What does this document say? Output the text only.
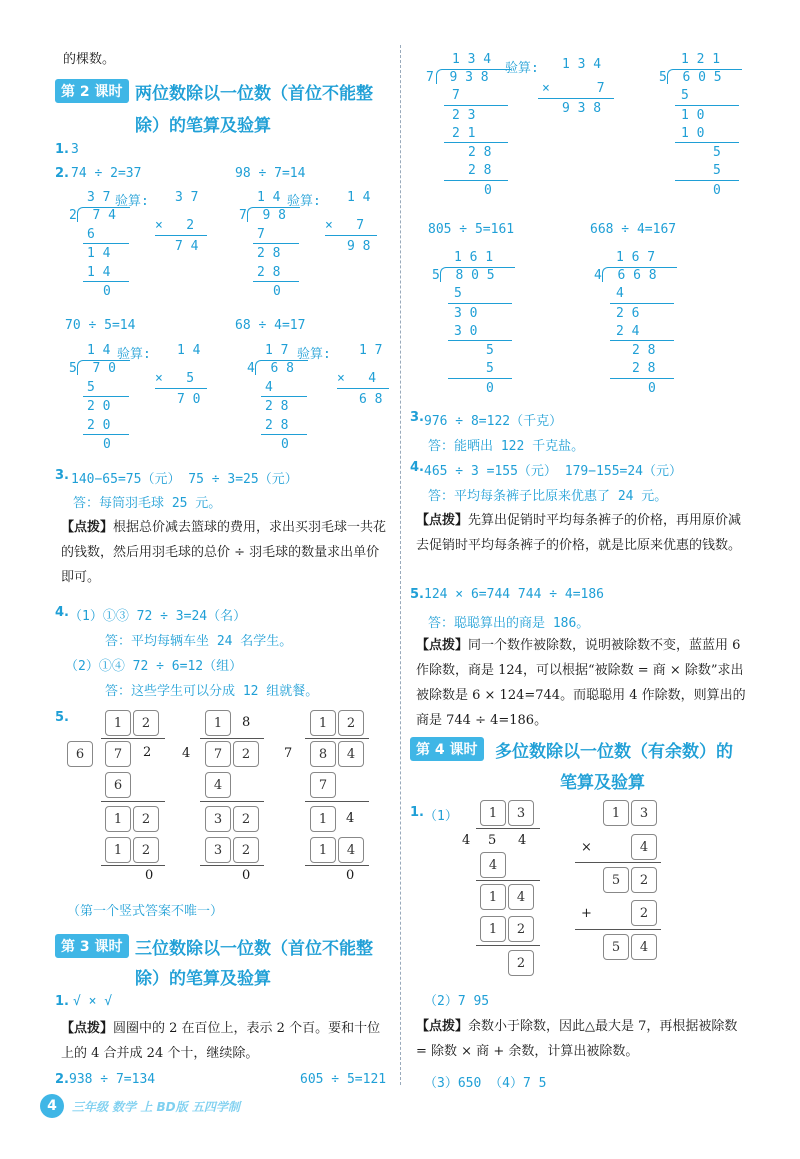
的棵数。
第 2 课时 两位数除以一位数（首位不能整
除）的笔算及验算
1. 3
2. 74 ÷ 2=37	98 ÷ 7=14
3 7
2  7 4
6
1 4
1 4
0
验算: 3 7
×   2
7 4
1 4
7  9 8
7
2 8
2 8
0
验算: 1 4
×   7
9 8
70 ÷ 5=14	68 ÷ 4=17
1 4
5  7 0
5
2 0
2 0
0
验算: 1 4
×   5
7 0
1 7
4  6 8
4
2 8
2 8
0
验算: 1 7
×   4
6 8
3. 140−65=75（元） 75 ÷ 3=25（元）
答：每筒羽毛球 25 元。
【点拨】根据总价减去篮球的费用，求出买羽毛球一共花的钱数，然后用羽毛球的总价 ÷ 羽毛球的数量求出单价即可。
4. （1）①③ 72 ÷ 3=24（名）
答：平均每辆车坐 24 名学生。
（2）①④ 72 ÷ 6=12（组）
答：这些学生可以分成 12 组就餐。
5.	1	2
6	7	2
6
1	2
1	2
0
1	8
4	7	2
4
3	2
3	2
0
1	2
7	8	4
7
1	4
1	4
0
（第一个竖式答案不唯一）
第 3 课时 三位数除以一位数（首位不能整
除）的笔算及验算
1. √ × √
【点拨】圆圈中的 2 在百位上，表示 2 个百。要和十位上的 4 合并成 24 个十，继续除。
2. 938 ÷ 7=134	605 ÷ 5=121
1 3 4
7  9 3 8
7
2 3
2 1
2 8
2 8
0
验算: 1 3 4
×      7
9 3 8
1 2 1
5  6 0 5
5
1 0
1 0
5
5
0
805 ÷ 5=161	668 ÷ 4=167
1 6 1
5  8 0 5
5
3 0
3 0
5
5
0
1 6 7
4  6 6 8
4
2 6
2 4
2 8
2 8
0
3. 976 ÷ 8=122（千克）
答：能晒出 122 千克盐。
4. 465 ÷ 3 =155（元） 179−155=24（元）
答：平均每条裤子比原来优惠了 24 元。
【点拨】先算出促销时平均每条裤子的价格，再用原价减去促销时平均每条裤子的价格，就是比原来优惠的钱数。
5. 124 × 6=744 744 ÷ 4=186
答：聪聪算出的商是 186。
【点拨】同一个数作被除数，说明被除数不变，蓝蓝用 6 作除数，商是 124，可以根据“被除数 = 商 × 除数”求出被除数是 6 × 124=744。而聪聪用 4 作除数，则算出的商是 744 ÷ 4=186。
第 4 课时	多位数除以一位数（有余数）的
笔算及验算
1. （1）	1	3
4 5 4
4
1	4
1	2
2
1	3
×	4
5	2
+	2
5	4
（2）7 95
【点拨】余数小于除数，因此△最大是 7，再根据被除数 = 除数 × 商 + 余数，计算出被除数。
（3）650 （4）7 5
4	三年级 数学 上 BD版 五四学制
